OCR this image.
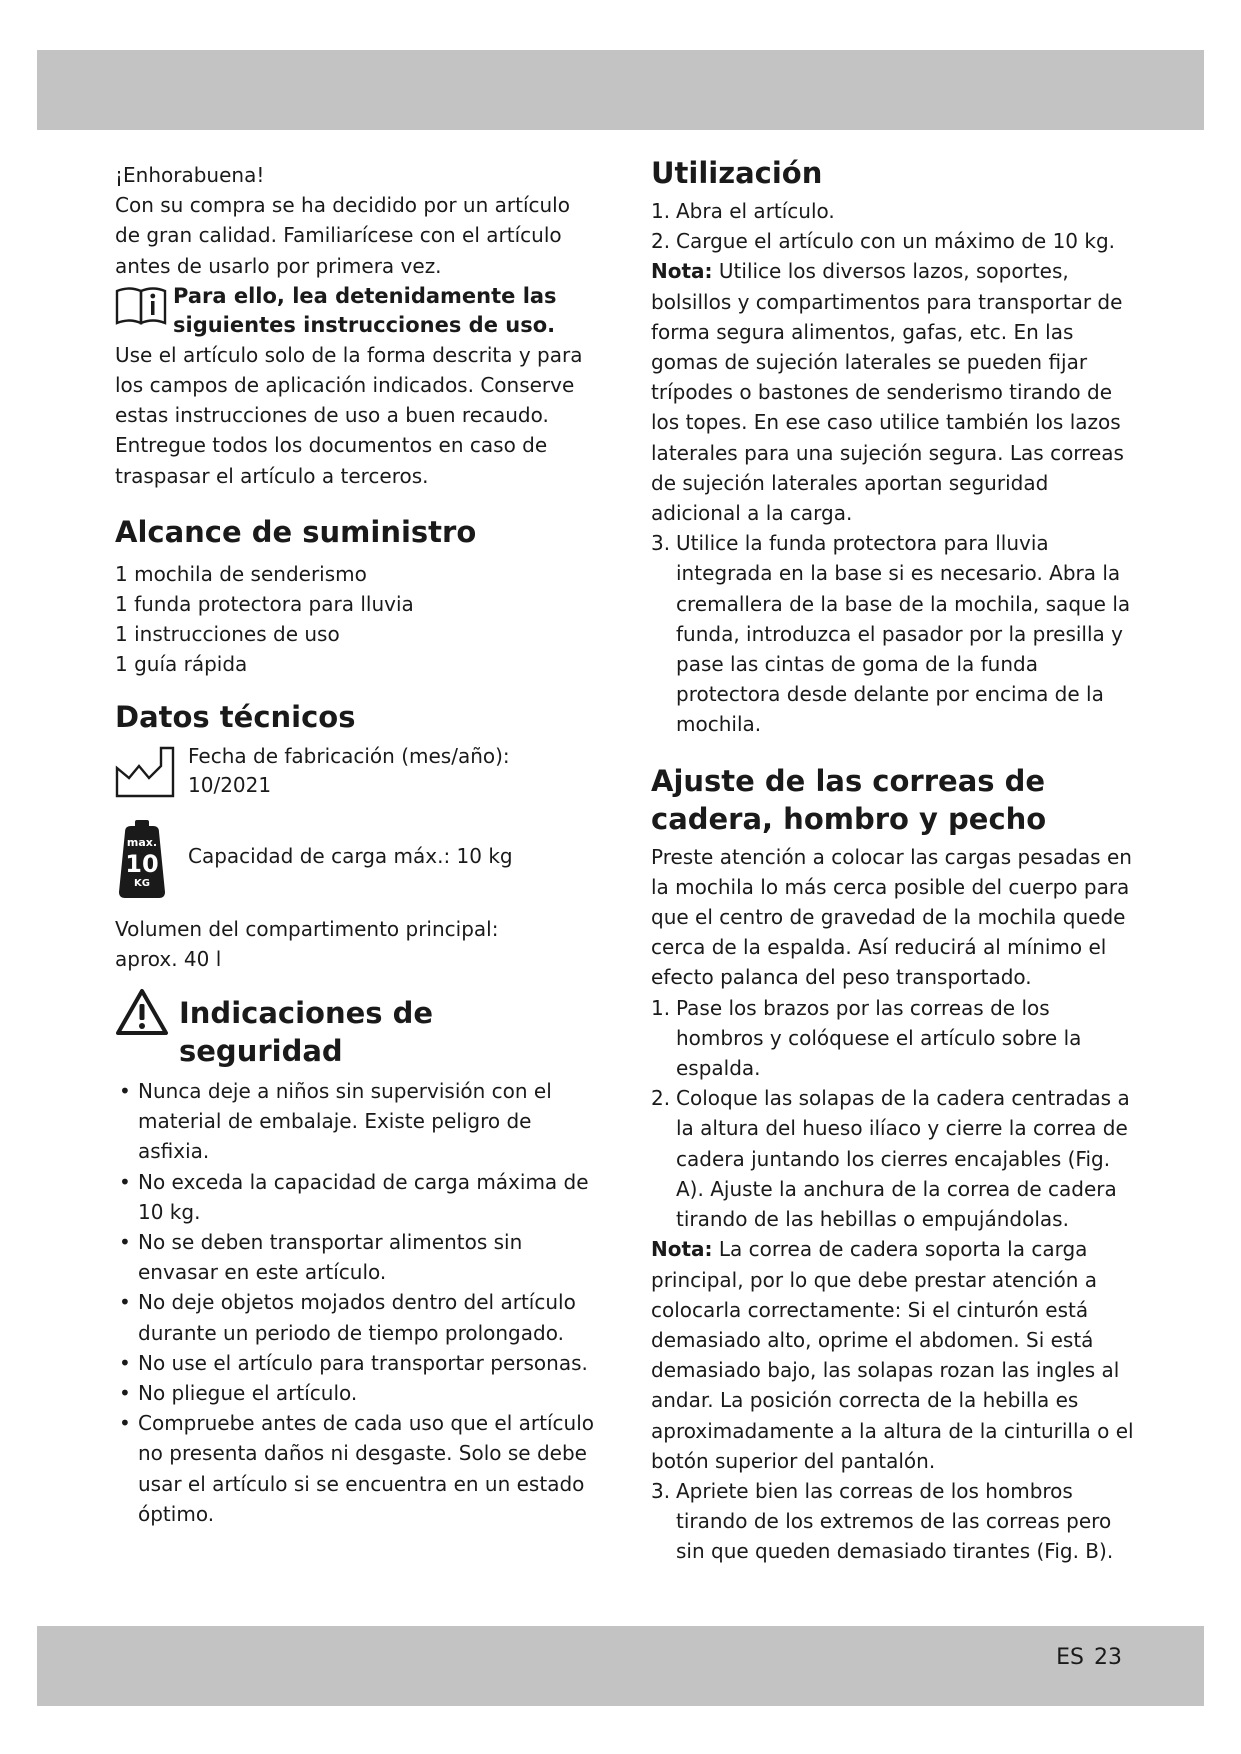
¡Enhorabuena!

Con su compra se ha decidido por un artículo de gran calidad. Familiarícese con el artículo antes de usarlo por primera vez.

Para ello, lea detenidamente las siguientes instrucciones de uso.

Use el artículo solo de la forma descrita y para los campos de aplicación indicados. Conserve estas instrucciones de uso a buen recaudo. Entregue todos los documentos en caso de traspasar el artículo a terceros.

Alcance de suministro
1 mochila de senderismo
1 funda protectora para lluvia
1 instrucciones de uso
1 guía rápida
Datos técnicos
Fecha de fabricación (mes/año):
10/2021
max.
10
KG
Capacidad de carga máx.: 10 kg

Volumen del compartimento principal: aprox. 40 l

Indicaciones de seguridad
• Nunca deje a niños sin supervisión con el material de embalaje. Existe peligro de asfixia.
• No exceda la capacidad de carga máxima de 10 kg.
• No se deben transportar alimentos sin envasar en este artículo.
• No deje objetos mojados dentro del artículo durante un periodo de tiempo prolongado.
• No use el artículo para transportar personas.
• No pliegue el artículo.
• Compruebe antes de cada uso que el artículo no presenta daños ni desgaste. Solo se debe usar el artículo si se encuentra en un estado óptimo.
Utilización
1. Abra el artículo.
2. Cargue el artículo con un máximo de 10 kg.

Nota: Utilice los diversos lazos, soportes, bolsillos y compartimentos para transportar de forma segura alimentos, gafas, etc. En las gomas de sujeción laterales se pueden fijar trípodes o bastones de senderismo tirando de los topes. En ese caso utilice también los lazos laterales para una sujeción segura. Las correas de sujeción laterales aportan seguridad adicional a la carga.

3. Utilice la funda protectora para lluvia integrada en la base si es necesario. Abra la cremallera de la base de la mochila, saque la funda, introduzca el pasador por la presilla y pase las cintas de goma de la funda protectora desde delante por encima de la mochila.
Ajuste de las correas de cadera, hombro y pecho

Preste atención a colocar las cargas pesadas en la mochila lo más cerca posible del cuerpo para que el centro de gravedad de la mochila quede cerca de la espalda. Así reducirá al mínimo el efecto palanca del peso transportado.

1. Pase los brazos por las correas de los hombros y colóquese el artículo sobre la espalda.
2. Coloque las solapas de la cadera centradas a la altura del hueso ilíaco y cierre la correa de cadera juntando los cierres encajables (Fig. A). Ajuste la anchura de la correa de cadera tirando de las hebillas o empujándolas.

Nota: La correa de cadera soporta la carga principal, por lo que debe prestar atención a colocarla correctamente: Si el cinturón está demasiado alto, oprime el abdomen. Si está demasiado bajo, las solapas rozan las ingles al andar. La posición correcta de la hebilla es aproximadamente a la altura de la cinturilla o el botón superior del pantalón.

3. Apriete bien las correas de los hombros tirando de los extremos de las correas pero sin que queden demasiado tirantes (Fig. B).
ES 23
